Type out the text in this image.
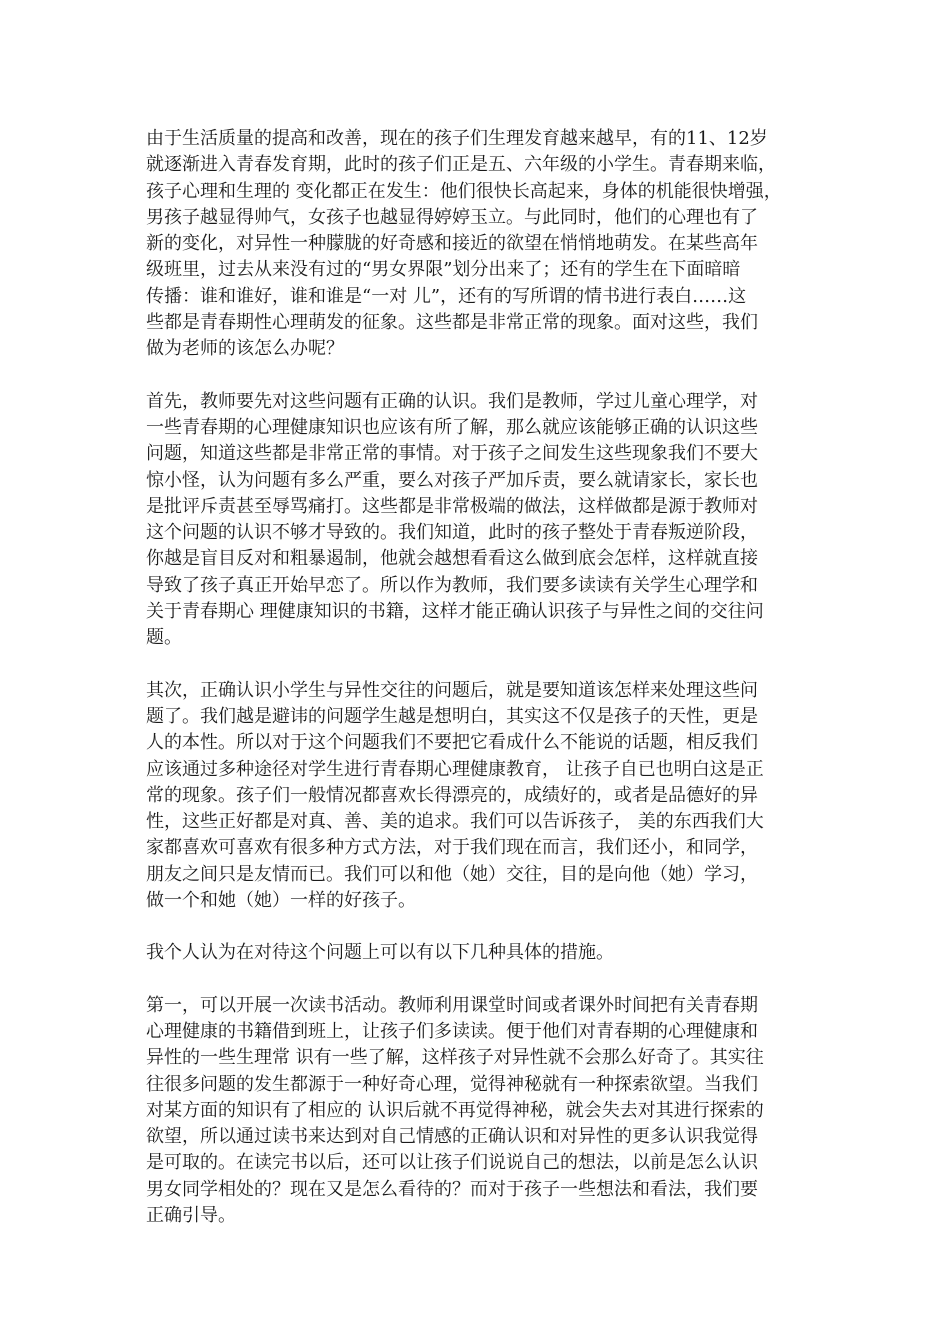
由于生活质量的提高和改善，现在的孩子们生理发育越来越早，有的11、12岁
就逐渐进入青春发育期，此时的孩子们正是五、六年级的小学生。青春期来临，
孩子心理和生理的 变化都正在发生：他们很快长高起来，身体的机能很快增强，
男孩子越显得帅气，女孩子也越显得婷婷玉立。与此同时，他们的心理也有了
新的变化，对异性一种朦胧的好奇感和接近的欲望在悄悄地萌发。在某些高年
级班里，过去从来没有过的“男女界限”划分出来了；还有的学生在下面暗暗
传播：谁和谁好，谁和谁是“一对 儿”，还有的写所谓的情书进行表白……这
些都是青春期性心理萌发的征象。这些都是非常正常的现象。面对这些，我们
做为老师的该怎么办呢？
首先，教师要先对这些问题有正确的认识。我们是教师，学过儿童心理学，对
一些青春期的心理健康知识也应该有所了解，那么就应该能够正确的认识这些
问题，知道这些都是非常正常的事情。对于孩子之间发生这些现象我们不要大
惊小怪，认为问题有多么严重，要么对孩子严加斥责，要么就请家长，家长也
是批评斥责甚至辱骂痛打。这些都是非常极端的做法，这样做都是源于教师对
这个问题的认识不够才导致的。我们知道，此时的孩子整处于青春叛逆阶段，
你越是盲目反对和粗暴遏制，他就会越想看看这么做到底会怎样，这样就直接
导致了孩子真正开始早恋了。所以作为教师，我们要多读读有关学生心理学和
关于青春期心 理健康知识的书籍，这样才能正确认识孩子与异性之间的交往问
题。
其次，正确认识小学生与异性交往的问题后，就是要知道该怎样来处理这些问
题了。我们越是避讳的问题学生越是想明白，其实这不仅是孩子的天性，更是
人的本性。所以对于这个问题我们不要把它看成什么不能说的话题，相反我们
应该通过多种途径对学生进行青春期心理健康教育， 让孩子自已也明白这是正
常的现象。孩子们一般情况都喜欢长得漂亮的，成绩好的，或者是品德好的异
性，这些正好都是对真、善、美的追求。我们可以告诉孩子， 美的东西我们大
家都喜欢可喜欢有很多种方式方法，对于我们现在而言，我们还小，和同学，
朋友之间只是友情而已。我们可以和他（她）交往，目的是向他（她）学习，
做一个和她（她）一样的好孩子。
我个人认为在对待这个问题上可以有以下几种具体的措施。
第一，可以开展一次读书活动。教师利用课堂时间或者课外时间把有关青春期
心理健康的书籍借到班上，让孩子们多读读。便于他们对青春期的心理健康和
异性的一些生理常 识有一些了解，这样孩子对异性就不会那么好奇了。其实往
往很多问题的发生都源于一种好奇心理，觉得神秘就有一种探索欲望。当我们
对某方面的知识有了相应的 认识后就不再觉得神秘，就会失去对其进行探索的
欲望，所以通过读书来达到对自己情感的正确认识和对异性的更多认识我觉得
是可取的。在读完书以后，还可以让孩子们说说自己的想法，以前是怎么认识
男女同学相处的？现在又是怎么看待的？而对于孩子一些想法和看法，我们要
正确引导。
